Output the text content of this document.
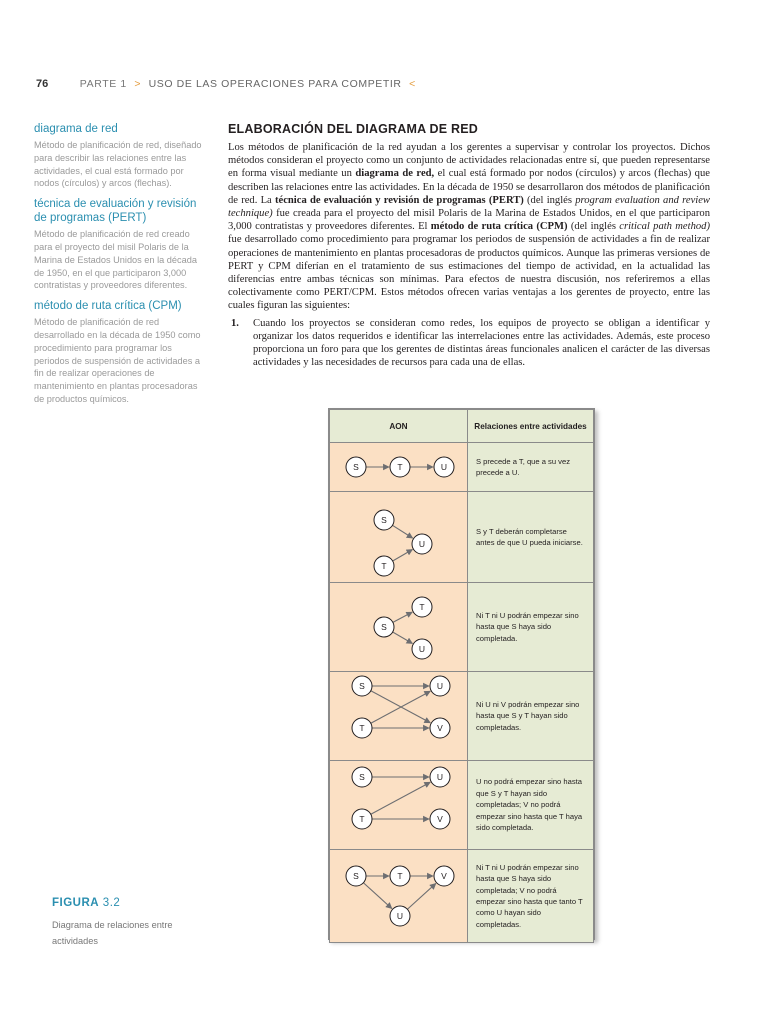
76	PARTE 1 > USO DE LAS OPERACIONES PARA COMPETIR <
diagrama de red
Método de planificación de red, diseñado para describir las relaciones entre las actividades, el cual está formado por nodos (círculos) y arcos (flechas).
técnica de evaluación y revisión de programas (PERT)
Método de planificación de red creado para el proyecto del misil Polaris de la Marina de Estados Unidos en la década de 1950, en el que participaron 3,000 contratistas y proveedores diferentes.
método de ruta crítica (CPM)
Método de planificación de red desarrollado en la década de 1950 como procedimiento para programar los periodos de suspensión de actividades a fin de realizar operaciones de mantenimiento en plantas procesadoras de productos químicos.
ELABORACIÓN DEL DIAGRAMA DE RED

Los métodos de planificación de la red ayudan a los gerentes a supervisar y controlar los proyectos. Dichos métodos consideran el proyecto como un conjunto de actividades relacionadas entre sí, que pueden representarse en forma visual mediante un diagrama de red, el cual está formado por nodos (círculos) y arcos (flechas) que describen las relaciones entre las actividades. En la década de 1950 se desarrollaron dos métodos de planificación de red. La técnica de evaluación y revisión de programas (PERT) (del inglés program evaluation and review technique) fue creada para el proyecto del misil Polaris de la Marina de Estados Unidos, en el que participaron 3,000 contratistas y proveedores diferentes. El método de ruta crítica (CPM) (del inglés critical path method) fue desarrollado como procedimiento para programar los periodos de suspensión de actividades a fin de realizar operaciones de mantenimiento en plantas procesadoras de productos químicos. Aunque las primeras versiones de PERT y CPM diferían en el tratamiento de sus estimaciones del tiempo de actividad, en la actualidad las diferencias entre ambas técnicas son mínimas. Para efectos de nuestra discusión, nos referiremos a ellas colectivamente como PERT/CPM. Estos métodos ofrecen varias ventajas a los gerentes de proyecto, entre las cuales figuran las siguientes:

1.	Cuando los proyectos se consideran como redes, los equipos de proyecto se obligan a identificar y organizar los datos requeridos e identificar las interrelaciones entre las actividades. Además, este proceso proporciona un foro para que los gerentes de distintas áreas funcionales analicen el carácter de las diversas actividades y las necesidades de recursos para cada una de ellas.
AON	Relaciones entre actividades

S T U	S precede a T, que a su vez precede a U.

S
T
U	S y T deberán completarse antes de que U pueda iniciarse.

T
S
U	Ni T ni U podrán empezar sino hasta que S haya sido completada.

S U
T V	Ni U ni V podrán empezar sino hasta que S y T hayan sido completadas.

S U
T V	U no podrá empezar sino hasta que S y T hayan sido completadas; V no podrá empezar sino hasta que T haya sido completada.

S T V
U	Ni T ni U podrán empezar sino hasta que S haya sido completada; V no podrá empezar sino hasta que tanto T como U hayan sido completadas.
FIGURA 3.2
Diagrama de relaciones entre actividades
